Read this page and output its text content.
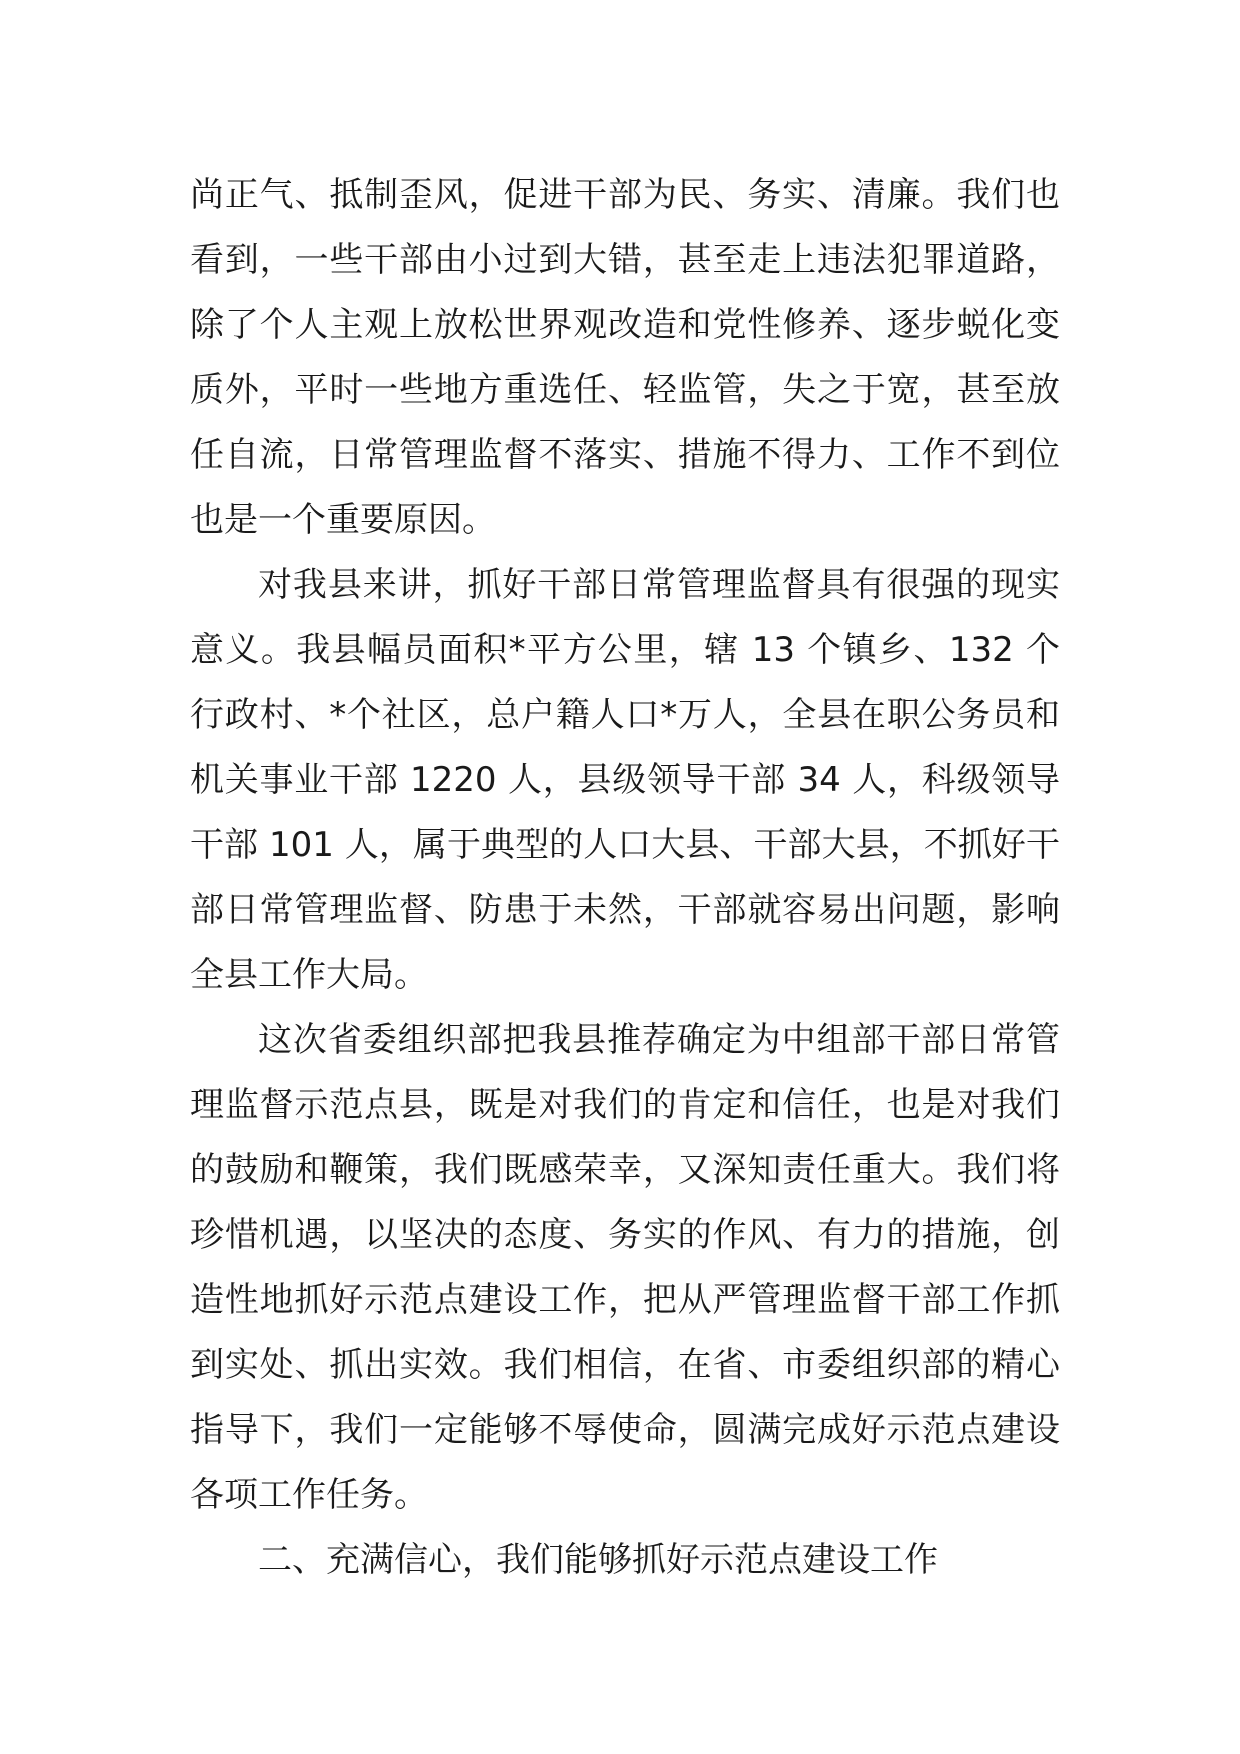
尚正气、抵制歪风，促进干部为民、务实、清廉。我们也看到，一些干部由小过到大错，甚至走上违法犯罪道路，除了个人主观上放松世界观改造和党性修养、逐步蜕化变质外，平时一些地方重选任、轻监管，失之于宽，甚至放任自流，日常管理监督不落实、措施不得力、工作不到位也是一个重要原因。

对我县来讲，抓好干部日常管理监督具有很强的现实意义。我县幅员面积*平方公里，辖 13 个镇乡、132 个行政村、*个社区，总户籍人口*万人，全县在职公务员和机关事业干部 1220 人，县级领导干部 34 人，科级领导干部 101 人，属于典型的人口大县、干部大县，不抓好干部日常管理监督、防患于未然，干部就容易出问题，影响全县工作大局。

这次省委组织部把我县推荐确定为中组部干部日常管理监督示范点县，既是对我们的肯定和信任，也是对我们的鼓励和鞭策，我们既感荣幸，又深知责任重大。我们将珍惜机遇，以坚决的态度、务实的作风、有力的措施，创造性地抓好示范点建设工作，把从严管理监督干部工作抓到实处、抓出实效。我们相信，在省、市委组织部的精心指导下，我们一定能够不辱使命，圆满完成好示范点建设各项工作任务。

二、充满信心，我们能够抓好示范点建设工作
